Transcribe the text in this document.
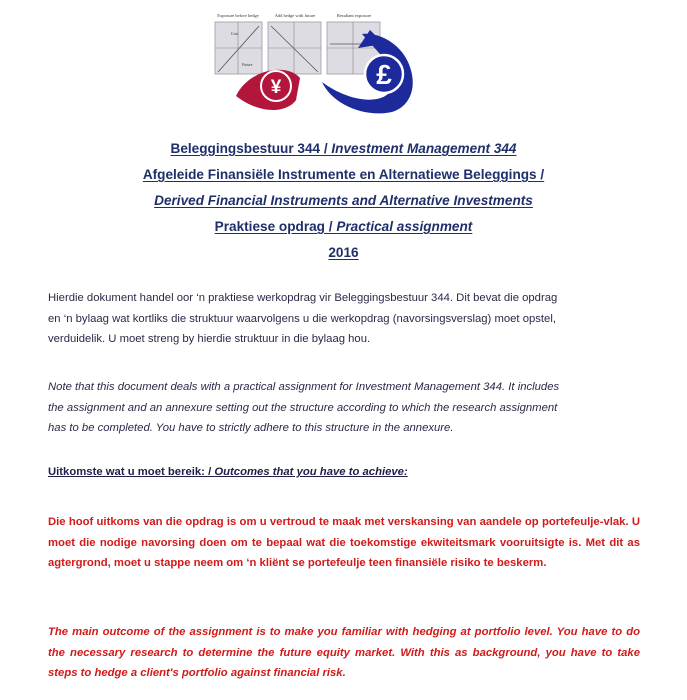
Exposure before hedge	Add hedge with future	Resultant exposure
Cost
Future
¥	£
Beleggingsbestuur 344 / Investment Management 344
Afgeleide Finansiële Instrumente en Alternatiewe Beleggings /
Derived Financial Instruments and Alternative Investments
Praktiese opdrag / Practical assignment
2016
Hierdie dokument handel oor ‘n praktiese werkopdrag vir Beleggingsbestuur 344. Dit bevat die opdrag
en ‘n bylaag wat kortliks die struktuur waarvolgens u die werkopdrag (navorsingsverslag) moet opstel,
verduidelik. U moet streng by hierdie struktuur in die bylaag hou.
Note that this document deals with a practical assignment for Investment Management 344. It includes
the assignment and an annexure setting out the structure according to which the research assignment
has to be completed. You have to strictly adhere to this structure in the annexure.
Uitkomste wat u moet bereik: / Outcomes that you have to achieve:
Die hoof uitkoms van die opdrag is om u vertroud te maak met verskansing van aandele op portefeulje-vlak. U moet die nodige navorsing doen om te bepaal wat die toekomstige ekwiteitsmark vooruitsigte is. Met dit as agtergrond, moet u stappe neem om ‘n kliënt se portefeulje teen finansiële risiko te beskerm.
The main outcome of the assignment is to make you familiar with hedging at portfolio level. You have to do the necessary research to determine the future equity market. With this as background, you have to take steps to hedge a client's portfolio against financial risk.
